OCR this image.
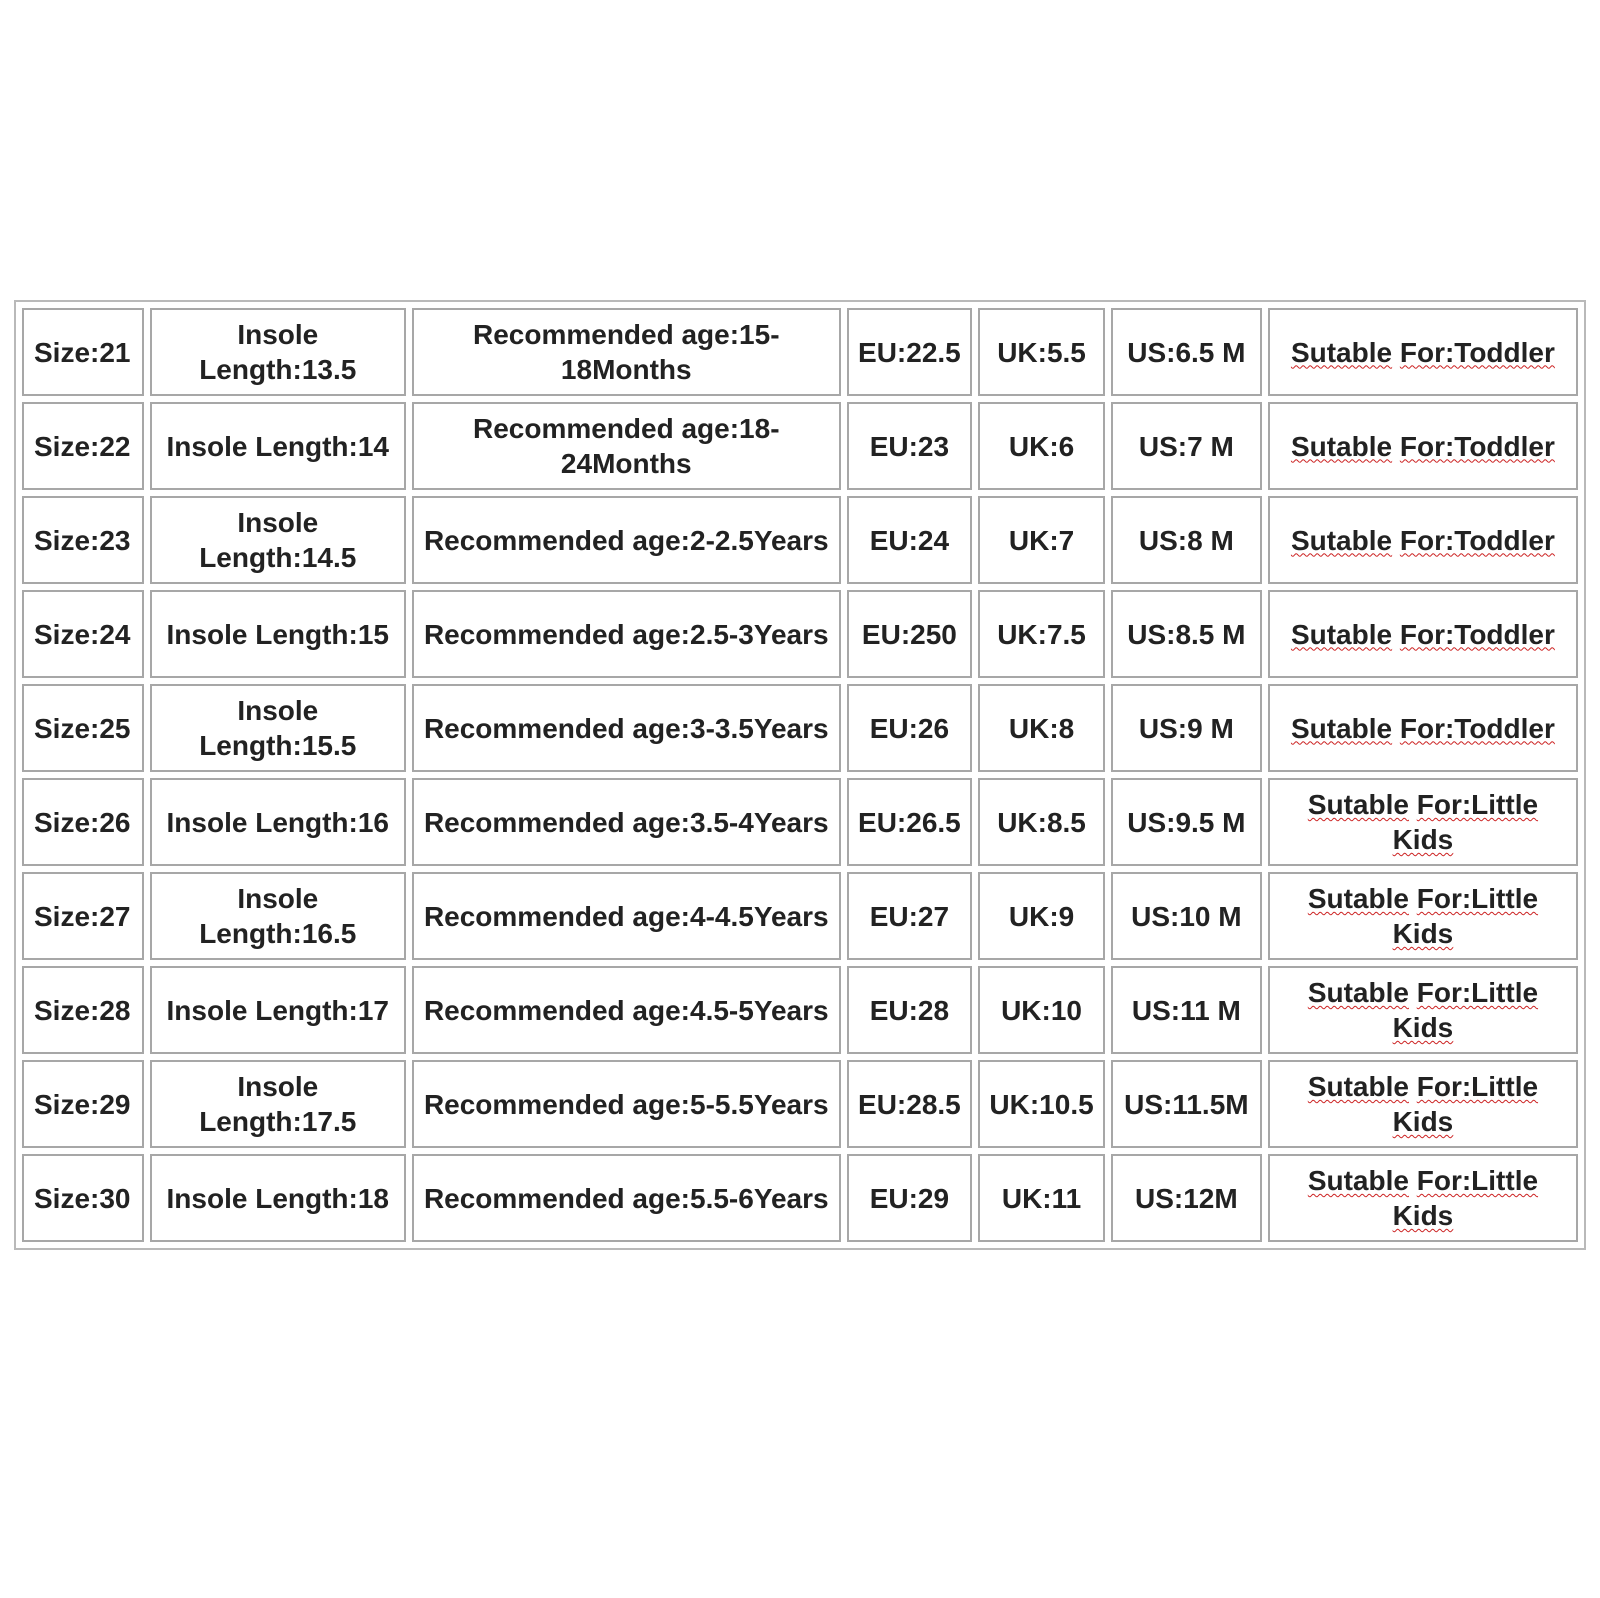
Size:21	Insole Length:13.5	Recommended age:15-18Months	EU:22.5	UK:5.5	US:6.5 M	Sutable For:Toddler
Size:22	Insole Length:14	Recommended age:18-24Months	EU:23	UK:6	US:7 M	Sutable For:Toddler
Size:23	Insole Length:14.5	Recommended age:2-2.5Years	EU:24	UK:7	US:8 M	Sutable For:Toddler
Size:24	Insole Length:15	Recommended age:2.5-3Years	EU:250	UK:7.5	US:8.5 M	Sutable For:Toddler
Size:25	Insole Length:15.5	Recommended age:3-3.5Years	EU:26	UK:8	US:9 M	Sutable For:Toddler
Size:26	Insole Length:16	Recommended age:3.5-4Years	EU:26.5	UK:8.5	US:9.5 M	Sutable For:Little Kids
Size:27	Insole Length:16.5	Recommended age:4-4.5Years	EU:27	UK:9	US:10 M	Sutable For:Little Kids
Size:28	Insole Length:17	Recommended age:4.5-5Years	EU:28	UK:10	US:11 M	Sutable For:Little Kids
Size:29	Insole Length:17.5	Recommended age:5-5.5Years	EU:28.5	UK:10.5	US:11.5M	Sutable For:Little Kids
Size:30	Insole Length:18	Recommended age:5.5-6Years	EU:29	UK:11	US:12M	Sutable For:Little Kids
